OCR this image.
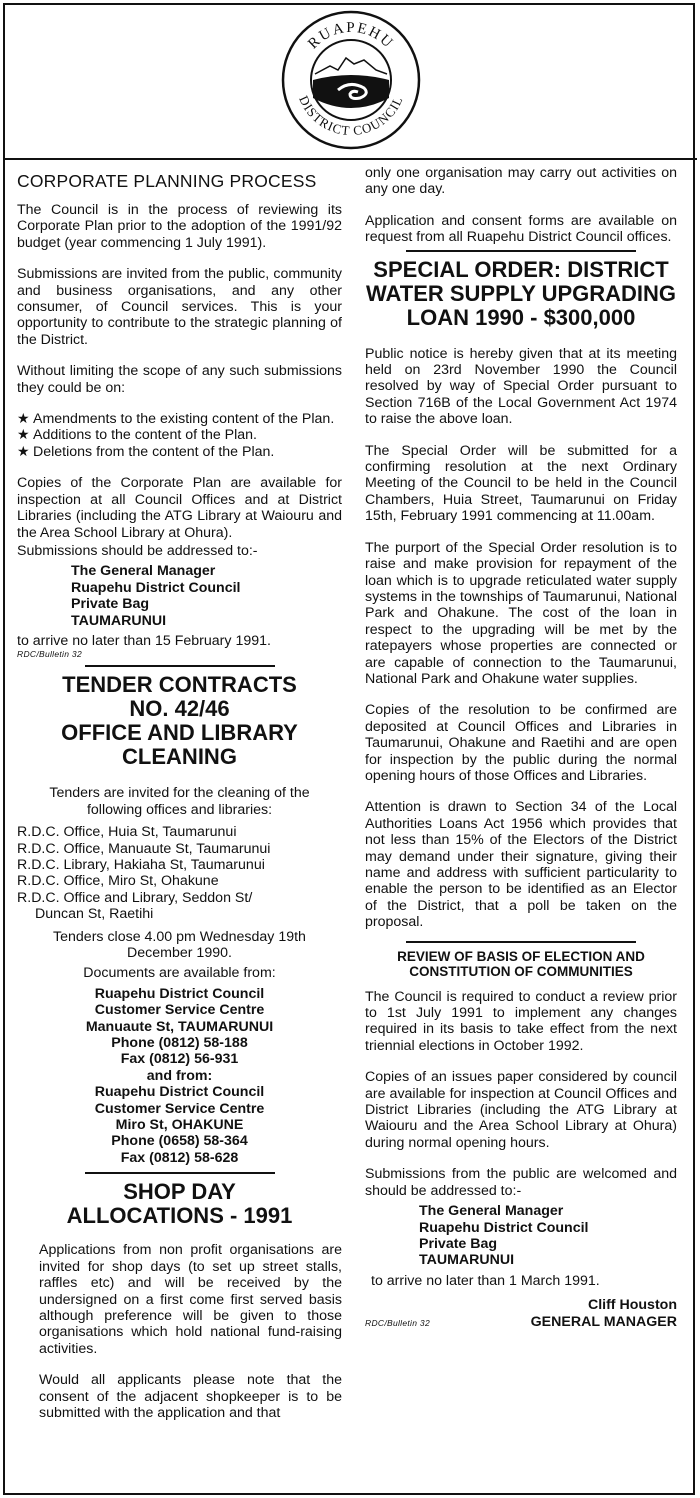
RUAPEHU
DISTRICT COUNCIL
CORPORATE PLANNING PROCESS

The Council is in the process of reviewing its Corporate Plan prior to the adoption of the 1991/92 budget (year commencing 1 July 1991).

Submissions are invited from the public, community and business organisations, and any other consumer, of Council services. This is your opportunity to contribute to the strategic planning of the District.

Without limiting the scope of any such submissions they could be on:

★ Amendments to the existing content of the Plan.
★ Additions to the content of the Plan.
★ Deletions from the content of the Plan.

Copies of the Corporate Plan are available for inspection at all Council Offices and at District Libraries (including the ATG Library at Waiouru and the Area School Library at Ohura).

Submissions should be addressed to:-

The General Manager
Ruapehu District Council
Private Bag
TAUMARUNUI

to arrive no later than 15 February 1991.

RDC/Bulletin 32
TENDER CONTRACTS
NO. 42/46
OFFICE AND LIBRARY
CLEANING

Tenders are invited for the cleaning of the following offices and libraries:

R.D.C. Office, Huia St, Taumarunui
R.D.C. Office, Manuaute St, Taumarunui
R.D.C. Library, Hakiaha St, Taumarunui
R.D.C. Office, Miro St, Ohakune
R.D.C. Office and Library, Seddon St/
Duncan St, Raetihi

Tenders close 4.00 pm Wednesday 19th December 1990.

Documents are available from:

Ruapehu District Council
Customer Service Centre
Manuaute St, TAUMARUNUI
Phone (0812) 58-188
Fax (0812) 56-931
and from:
Ruapehu District Council
Customer Service Centre
Miro St, OHAKUNE
Phone (0658) 58-364
Fax (0812) 58-628
SHOP DAY
ALLOCATIONS - 1991

Applications from non profit organisations are invited for shop days (to set up street stalls, raffles etc) and will be received by the undersigned on a first come first served basis although preference will be given to those organisations which hold national fund-raising activities.

Would all applicants please note that the consent of the adjacent shopkeeper is to be submitted with the application and that

only one organisation may carry out activities on any one day.

Application and consent forms are available on request from all Ruapehu District Council offices.

SPECIAL ORDER: DISTRICT
WATER SUPPLY UPGRADING
LOAN 1990 - $300,000

Public notice is hereby given that at its meeting held on 23rd November 1990 the Council resolved by way of Special Order pursuant to Section 716B of the Local Government Act 1974 to raise the above loan.

The Special Order will be submitted for a confirming resolution at the next Ordinary Meeting of the Council to be held in the Council Chambers, Huia Street, Taumarunui on Friday 15th, February 1991 commencing at 11.00am.

The purport of the Special Order resolution is to raise and make provision for repayment of the loan which is to upgrade reticulated water supply systems in the townships of Taumarunui, National Park and Ohakune. The cost of the loan in respect to the upgrading will be met by the ratepayers whose properties are connected or are capable of connection to the Taumarunui, National Park and Ohakune water supplies.

Copies of the resolution to be confirmed are deposited at Council Offices and Libraries in Taumarunui, Ohakune and Raetihi and are open for inspection by the public during the normal opening hours of those Offices and Libraries.

Attention is drawn to Section 34 of the Local Authorities Loans Act 1956 which provides that not less than 15% of the Electors of the District may demand under their signature, giving their name and address with sufficient particularity to enable the person to be identified as an Elector of the District, that a poll be taken on the proposal.

REVIEW OF BASIS OF ELECTION AND
CONSTITUTION OF COMMUNITIES

The Council is required to conduct a review prior to 1st July 1991 to implement any changes required in its basis to take effect from the next triennial elections in October 1992.

Copies of an issues paper considered by council are available for inspection at Council Offices and District Libraries (including the ATG Library at Waiouru and the Area School Library at Ohura) during normal opening hours.

Submissions from the public are welcomed and should be addressed to:-

The General Manager
Ruapehu District Council
Private Bag
TAUMARUNUI

to arrive no later than 1 March 1991.

RDC/Bulletin 32
Cliff Houston
GENERAL MANAGER
